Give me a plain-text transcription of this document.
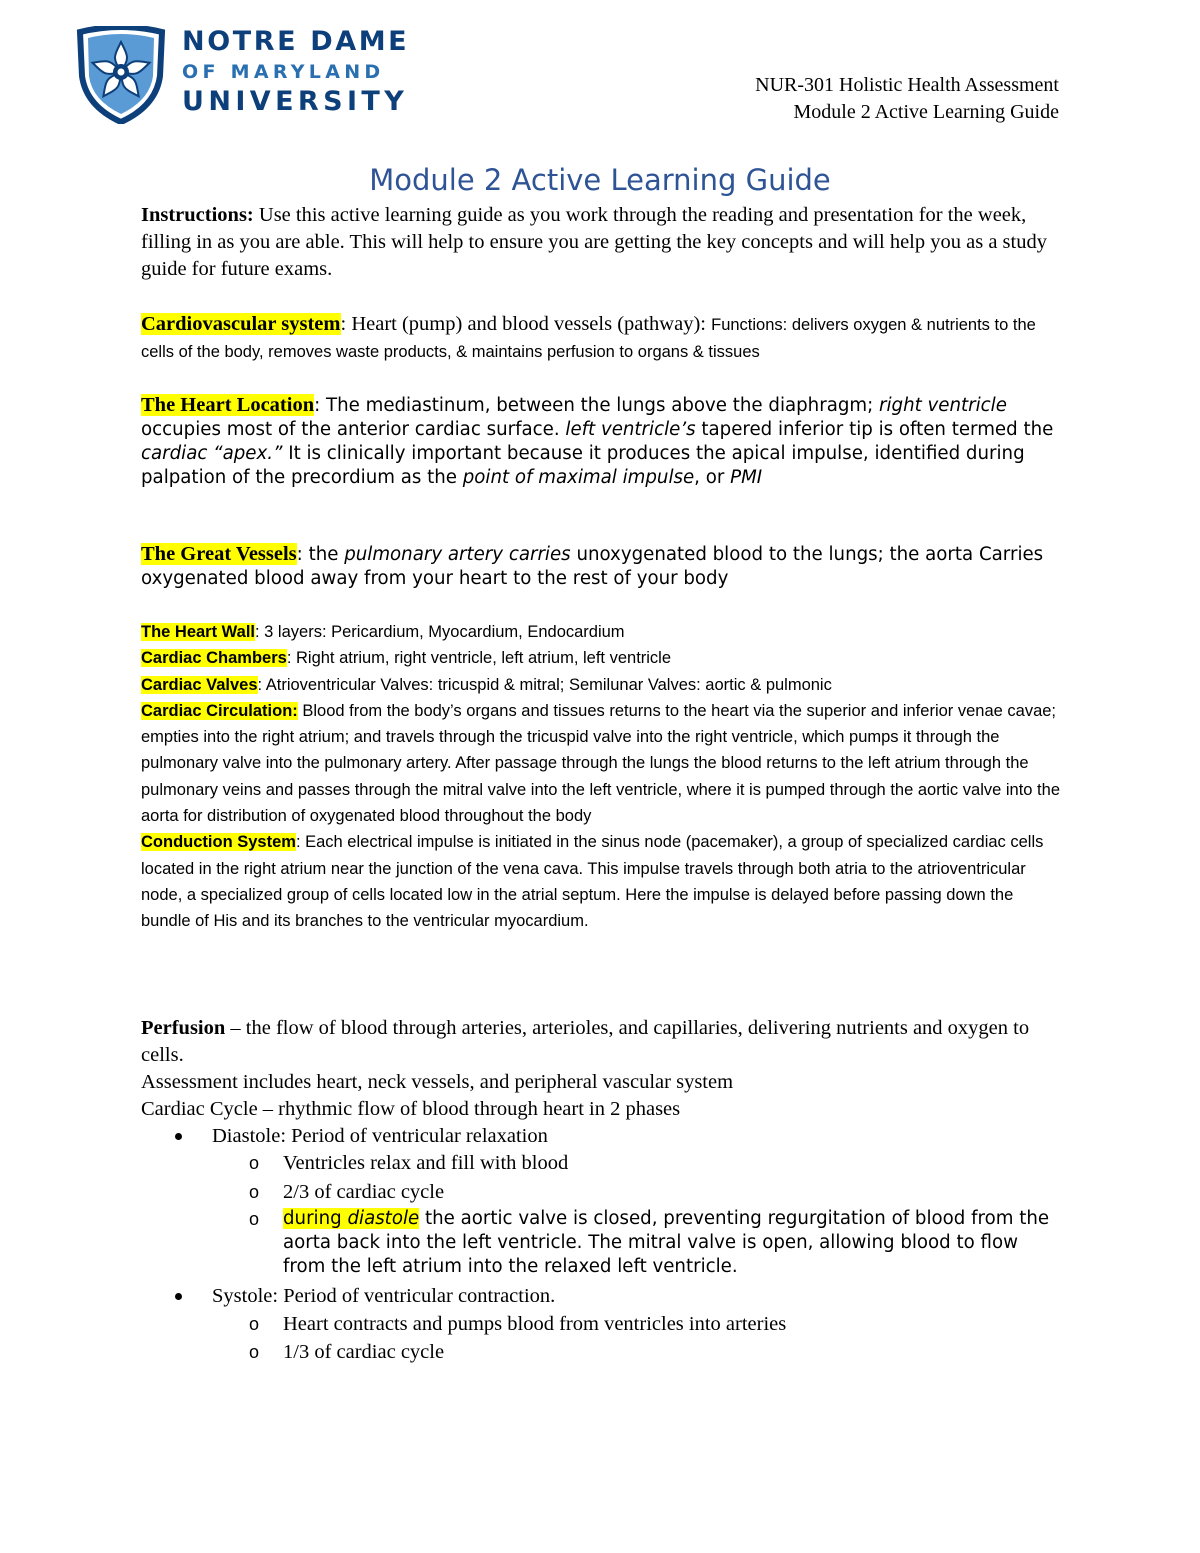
NOTRE DAME
OF MARYLAND
UNIVERSITY
NUR-301 Holistic Health Assessment
Module 2 Active Learning Guide
Module 2 Active Learning Guide
Instructions: Use this active learning guide as you work through the reading and presentation for the week, filling in as you are able. This will help to ensure you are getting the key concepts and will help you as a study guide for future exams.
Cardiovascular system: Heart (pump) and blood vessels (pathway): Functions: delivers oxygen & nutrients to the cells of the body, removes waste products, & maintains perfusion to organs & tissues
The Heart Location: The mediastinum, between the lungs above the diaphragm; right ventricle occupies most of the anterior cardiac surface. left ventricle’s tapered inferior tip is often termed the cardiac “apex.” It is clinically important because it produces the apical impulse, identified during palpation of the precordium as the point of maximal impulse, or PMI
The Great Vessels: the pulmonary artery carries unoxygenated blood to the lungs; the aorta Carries oxygenated blood away from your heart to the rest of your body
The Heart Wall: 3 layers: Pericardium, Myocardium, Endocardium
Cardiac Chambers: Right atrium, right ventricle, left atrium, left ventricle
Cardiac Valves: Atrioventricular Valves: tricuspid & mitral; Semilunar Valves: aortic & pulmonic
Cardiac Circulation: Blood from the body’s organs and tissues returns to the heart via the superior and inferior venae cavae; empties into the right atrium; and travels through the tricuspid valve into the right ventricle, which pumps it through the pulmonary valve into the pulmonary artery. After passage through the lungs the blood returns to the left atrium through the pulmonary veins and passes through the mitral valve into the left ventricle, where it is pumped through the aortic valve into the aorta for distribution of oxygenated blood throughout the body
Conduction System: Each electrical impulse is initiated in the sinus node (pacemaker), a group of specialized cardiac cells located in the right atrium near the junction of the vena cava. This impulse travels through both atria to the atrioventricular node, a specialized group of cells located low in the atrial septum. Here the impulse is delayed before passing down the bundle of His and its branches to the ventricular myocardium.
Perfusion – the flow of blood through arteries, arterioles, and capillaries, delivering nutrients and oxygen to cells.
Assessment includes heart, neck vessels, and peripheral vascular system
Cardiac Cycle – rhythmic flow of blood through heart in 2 phases
Diastole: Period of ventricular relaxation
o Ventricles relax and fill with blood
o 2/3 of cardiac cycle
o during diastole the aortic valve is closed, preventing regurgitation of blood from the aorta back into the left ventricle. The mitral valve is open, allowing blood to flow from the left atrium into the relaxed left ventricle.
Systole: Period of ventricular contraction.
o Heart contracts and pumps blood from ventricles into arteries
o 1/3 of cardiac cycle
